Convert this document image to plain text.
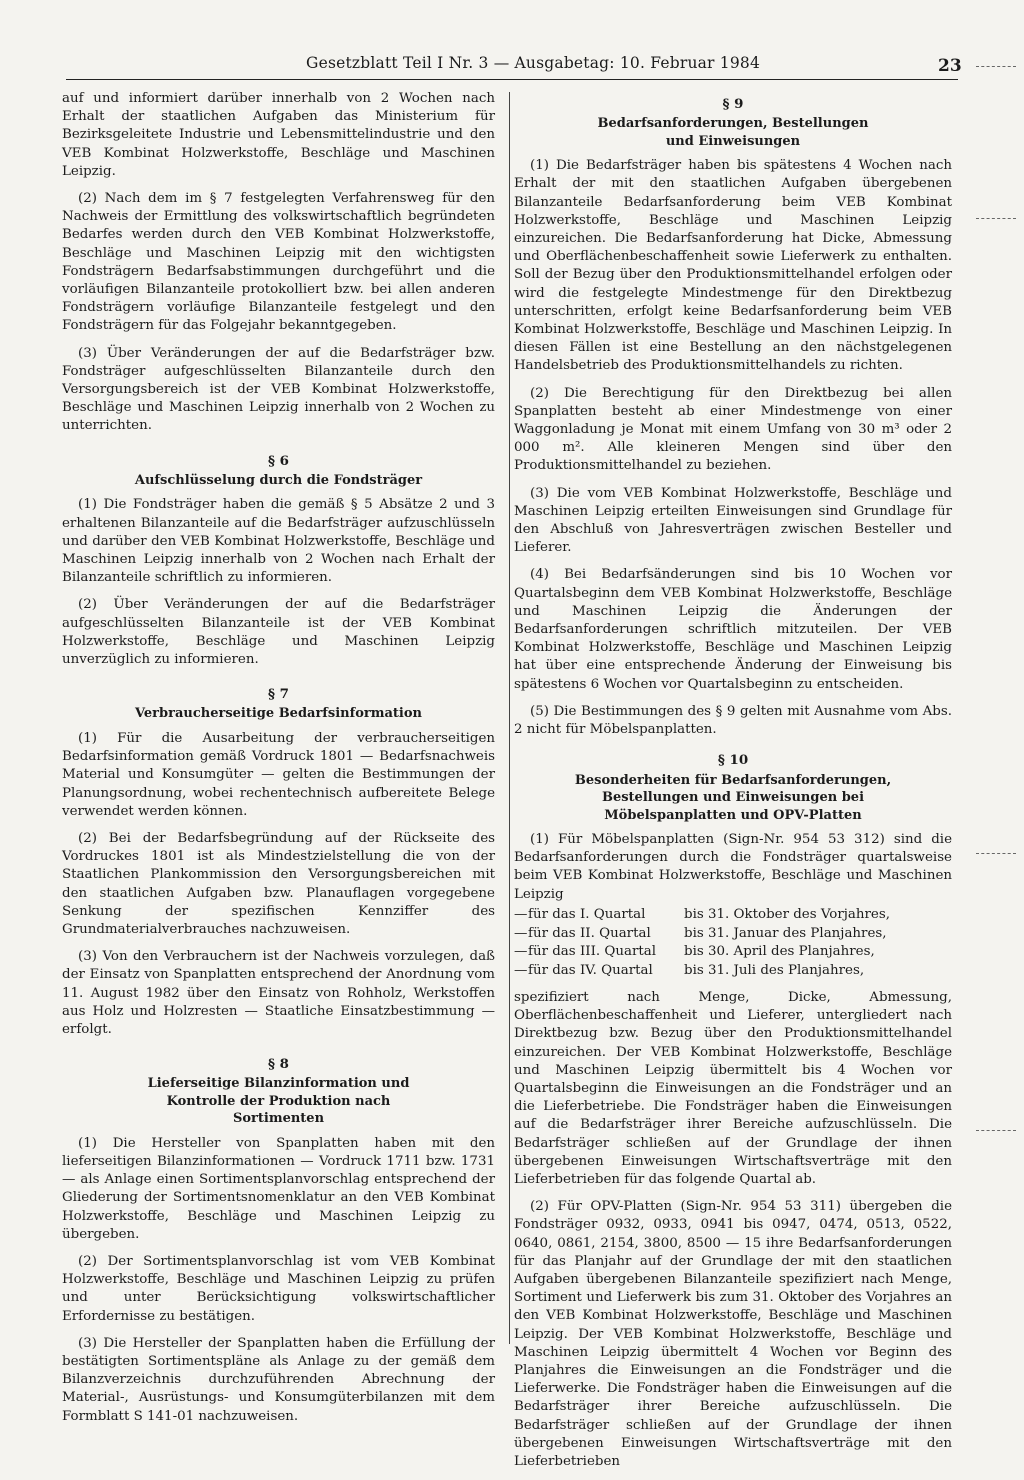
Gesetzblatt Teil I Nr. 3 — Ausgabetag: 10. Februar 1984	23

auf und informiert darüber innerhalb von 2 Wochen nach Erhalt der staatlichen Aufgaben das Ministerium für Bezirksgeleitete Industrie und Lebensmittelindustrie und den VEB Kombinat Holzwerkstoffe, Beschläge und Maschinen Leipzig.

(2) Nach dem im § 7 festgelegten Verfahrensweg für den Nachweis der Ermittlung des volkswirtschaftlich begründeten Bedarfes werden durch den VEB Kombinat Holzwerkstoffe, Beschläge und Maschinen Leipzig mit den wichtigsten Fondsträgern Bedarfsabstimmungen durchgeführt und die vorläufigen Bilanzanteile protokolliert bzw. bei allen anderen Fondsträgern vorläufige Bilanzanteile festgelegt und den Fondsträgern für das Folgejahr bekanntgegeben.

(3) Über Veränderungen der auf die Bedarfsträger bzw. Fondsträger aufgeschlüsselten Bilanzanteile durch den Versorgungsbereich ist der VEB Kombinat Holzwerkstoffe, Beschläge und Maschinen Leipzig innerhalb von 2 Wochen zu unterrichten.

§ 6
Aufschlüsselung durch die Fondsträger

(1) Die Fondsträger haben die gemäß § 5 Absätze 2 und 3 erhaltenen Bilanzanteile auf die Bedarfsträger aufzuschlüsseln und darüber den VEB Kombinat Holzwerkstoffe, Beschläge und Maschinen Leipzig innerhalb von 2 Wochen nach Erhalt der Bilanzanteile schriftlich zu informieren.

(2) Über Veränderungen der auf die Bedarfsträger aufgeschlüsselten Bilanzanteile ist der VEB Kombinat Holzwerkstoffe, Beschläge und Maschinen Leipzig unverzüglich zu informieren.

§ 7
Verbraucherseitige Bedarfsinformation

(1) Für die Ausarbeitung der verbraucherseitigen Bedarfsinformation gemäß Vordruck 1801 — Bedarfsnachweis Material und Konsumgüter — gelten die Bestimmungen der Planungsordnung, wobei rechentechnisch aufbereitete Belege verwendet werden können.

(2) Bei der Bedarfsbegründung auf der Rückseite des Vordruckes 1801 ist als Mindestzielstellung die von der Staatlichen Plankommission den Versorgungsbereichen mit den staatlichen Aufgaben bzw. Planauflagen vorgegebene Senkung der spezifischen Kennziffer des Grundmaterialverbrauches nachzuweisen.

(3) Von den Verbrauchern ist der Nachweis vorzulegen, daß der Einsatz von Spanplatten entsprechend der Anordnung vom 11. August 1982 über den Einsatz von Rohholz, Werkstoffen aus Holz und Holzresten — Staatliche Einsatzbestimmung — erfolgt.

§ 8
Lieferseitige Bilanzinformation und Kontrolle der Produktion nach Sortimenten

(1) Die Hersteller von Spanplatten haben mit den lieferseitigen Bilanzinformationen — Vordruck 1711 bzw. 1731 — als Anlage einen Sortimentsplanvorschlag entsprechend der Gliederung der Sortimentsnomenklatur an den VEB Kombinat Holzwerkstoffe, Beschläge und Maschinen Leipzig zu übergeben.

(2) Der Sortimentsplanvorschlag ist vom VEB Kombinat Holzwerkstoffe, Beschläge und Maschinen Leipzig zu prüfen und unter Berücksichtigung volkswirtschaftlicher Erfordernisse zu bestätigen.

(3) Die Hersteller der Spanplatten haben die Erfüllung der bestätigten Sortimentspläne als Anlage zu der gemäß dem Bilanzverzeichnis durchzuführenden Abrechnung der Material-, Ausrüstungs- und Konsumgüterbilanzen mit dem Formblatt S 141-01 nachzuweisen.

§ 9
Bedarfsanforderungen, Bestellungen und Einweisungen

(1) Die Bedarfsträger haben bis spätestens 4 Wochen nach Erhalt der mit den staatlichen Aufgaben übergebenen Bilanzanteile Bedarfsanforderung beim VEB Kombinat Holzwerkstoffe, Beschläge und Maschinen Leipzig einzureichen. Die Bedarfsanforderung hat Dicke, Abmessung und Oberflächenbeschaffenheit sowie Lieferwerk zu enthalten. Soll der Bezug über den Produktionsmittelhandel erfolgen oder wird die festgelegte Mindestmenge für den Direktbezug unterschritten, erfolgt keine Bedarfsanforderung beim VEB Kombinat Holzwerkstoffe, Beschläge und Maschinen Leipzig. In diesen Fällen ist eine Bestellung an den nächstgelegenen Handelsbetrieb des Produktionsmittelhandels zu richten.

(2) Die Berechtigung für den Direktbezug bei allen Spanplatten besteht ab einer Mindestmenge von einer Waggonladung je Monat mit einem Umfang von 30 m³ oder 2 000 m². Alle kleineren Mengen sind über den Produktionsmittelhandel zu beziehen.

(3) Die vom VEB Kombinat Holzwerkstoffe, Beschläge und Maschinen Leipzig erteilten Einweisungen sind Grundlage für den Abschluß von Jahresverträgen zwischen Besteller und Lieferer.

(4) Bei Bedarfsänderungen sind bis 10 Wochen vor Quartalsbeginn dem VEB Kombinat Holzwerkstoffe, Beschläge und Maschinen Leipzig die Änderungen der Bedarfsanforderungen schriftlich mitzuteilen. Der VEB Kombinat Holzwerkstoffe, Beschläge und Maschinen Leipzig hat über eine entsprechende Änderung der Einweisung bis spätestens 6 Wochen vor Quartalsbeginn zu entscheiden.

(5) Die Bestimmungen des § 9 gelten mit Ausnahme vom Abs. 2 nicht für Möbelspanplatten.

§ 10
Besonderheiten für Bedarfsanforderungen, Bestellungen und Einweisungen bei Möbelspanplatten und OPV-Platten

(1) Für Möbelspanplatten (Sign-Nr. 954 53 312) sind die Bedarfsanforderungen durch die Fondsträger quartalsweise beim VEB Kombinat Holzwerkstoffe, Beschläge und Maschinen Leipzig

— für das I. Quartal	bis 31. Oktober des Vorjahres,
— für das II. Quartal	bis 31. Januar des Planjahres,
— für das III. Quartal	bis 30. April des Planjahres,
— für das IV. Quartal	bis 31. Juli des Planjahres,

spezifiziert nach Menge, Dicke, Abmessung, Oberflächenbeschaffenheit und Lieferer, untergliedert nach Direktbezug bzw. Bezug über den Produktionsmittelhandel einzureichen. Der VEB Kombinat Holzwerkstoffe, Beschläge und Maschinen Leipzig übermittelt bis 4 Wochen vor Quartalsbeginn die Einweisungen an die Fondsträger und an die Lieferbetriebe. Die Fondsträger haben die Einweisungen auf die Bedarfsträger ihrer Bereiche aufzuschlüsseln. Die Bedarfsträger schließen auf der Grundlage der ihnen übergebenen Einweisungen Wirtschaftsverträge mit den Lieferbetrieben für das folgende Quartal ab.

(2) Für OPV-Platten (Sign-Nr. 954 53 311) übergeben die Fondsträger 0932, 0933, 0941 bis 0947, 0474, 0513, 0522, 0640, 0861, 2154, 3800, 8500 — 15 ihre Bedarfsanforderungen für das Planjahr auf der Grundlage der mit den staatlichen Aufgaben übergebenen Bilanzanteile spezifiziert nach Menge, Sortiment und Lieferwerk bis zum 31. Oktober des Vorjahres an den VEB Kombinat Holzwerkstoffe, Beschläge und Maschinen Leipzig. Der VEB Kombinat Holzwerkstoffe, Beschläge und Maschinen Leipzig übermittelt 4 Wochen vor Beginn des Planjahres die Einweisungen an die Fondsträger und die Lieferwerke. Die Fondsträger haben die Einweisungen auf die Bedarfsträger ihrer Bereiche aufzuschlüsseln. Die Bedarfsträger schließen auf der Grundlage der ihnen übergebenen Einweisungen Wirtschaftsverträge mit den Lieferbetrieben
